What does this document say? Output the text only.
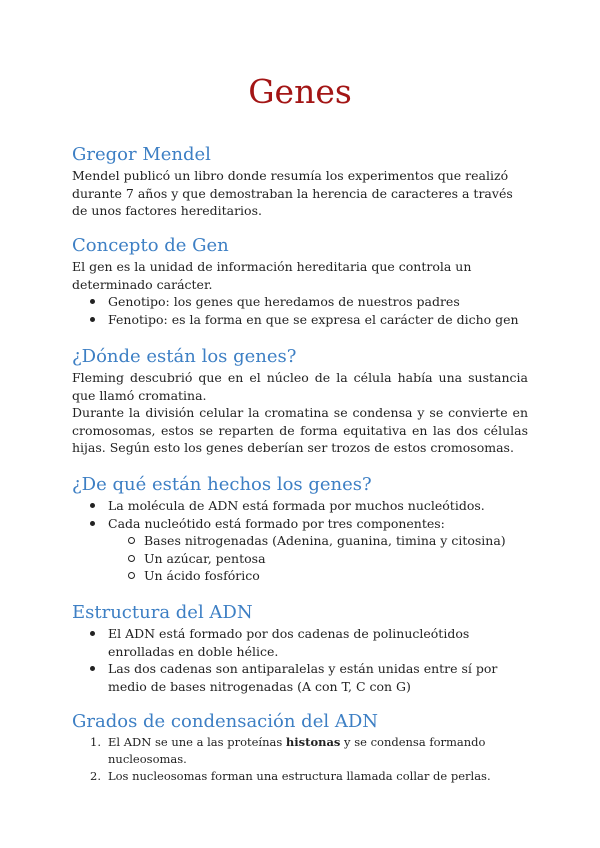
Genes
Gregor Mendel

Mendel publicó un libro donde resumía los experimentos que realizó durante 7 años y que demostraban la herencia de caracteres a través de unos factores hereditarios.

Concepto de Gen

El gen es la unidad de información hereditaria que controla un determinado carácter.

Genotipo: los genes que heredamos de nuestros padres
Fenotipo: es la forma en que se expresa el carácter de dicho gen
¿Dónde están los genes?

Fleming descubrió que en el núcleo de la célula había una sustancia que llamó cromatina.

Durante la división celular la cromatina se condensa y se convierte en cromosomas, estos se reparten de forma equitativa en las dos células hijas. Según esto los genes deberían ser trozos de estos cromosomas.

¿De qué están hechos los genes?
La molécula de ADN está formada por muchos nucleótidos.
Cada nucleótido está formado por tres componentes:
Bases nitrogenadas (Adenina, guanina, timina y citosina)
Un azúcar, pentosa
Un ácido fosfórico
Estructura del ADN
El ADN está formado por dos cadenas de polinucleótidos enrolladas en doble hélice.
Las dos cadenas son antiparalelas y están unidas entre sí por medio de bases nitrogenadas (A con T, C con G)
Grados de condensación del ADN
1. El ADN se une a las proteínas histonas y se condensa formando nucleosomas.
2. Los nucleosomas forman una estructura llamada collar de perlas.
